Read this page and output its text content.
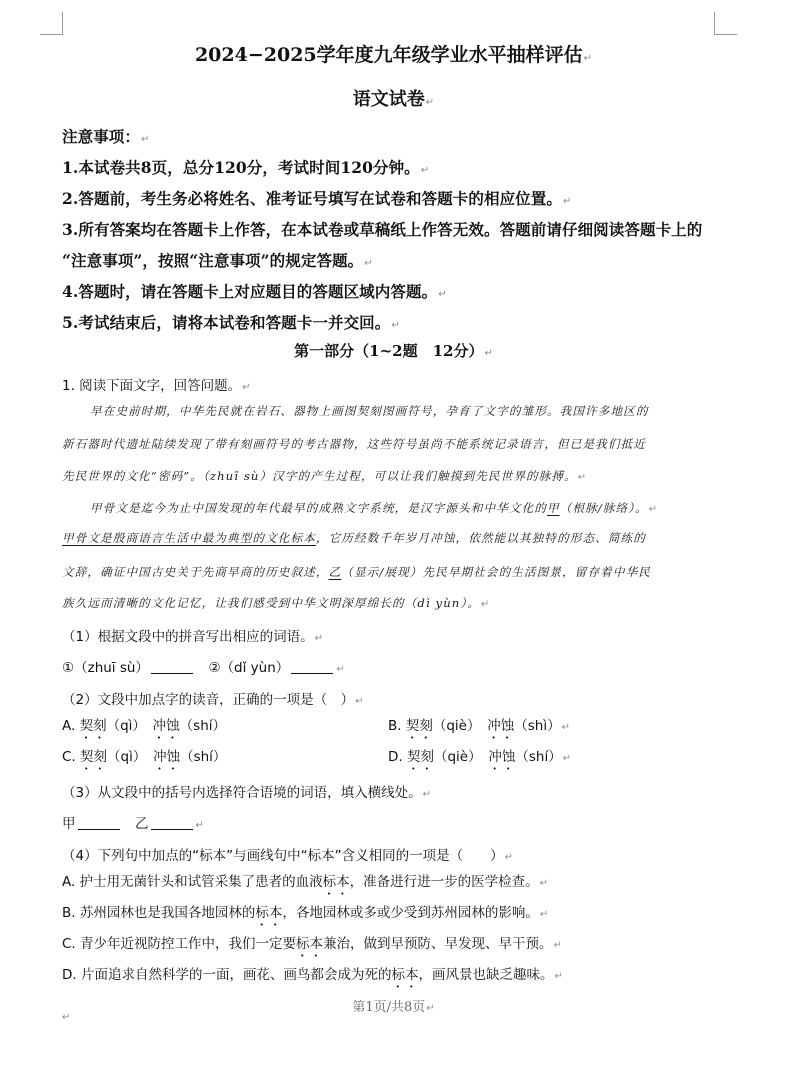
2024−2025学年度九年级学业水平抽样评估↵
语文试卷↵
注意事项：↵
1.本试卷共8页，总分120分，考试时间120分钟。↵
2.答题前，考生务必将姓名、准考证号填写在试卷和答题卡的相应位置。↵
3.所有答案均在答题卡上作答，在本试卷或草稿纸上作答无效。答题前请仔细阅读答题卡上的
“注意事项”，按照“注意事项”的规定答题。↵
4.答题时，请在答题卡上对应题目的答题区域内答题。↵
5.考试结束后，请将本试卷和答题卡一并交回。↵
第一部分（1~2题　12分）↵
1. 阅读下面文字，回答问题。↵
早在史前时期，中华先民就在岩石、器物上画图契刻图画符号，孕育了文字的雏形。我国许多地区的
新石器时代遗址陆续发现了带有刻画符号的考古器物，这些符号虽尚不能系统记录语言，但已是我们抵近
先民世界的文化“密码”。（zhuī sù）汉字的产生过程，可以让我们触摸到先民世界的脉搏。↵
甲骨文是迄今为止中国发现的年代最早的成熟文字系统，是汉字源头和中华文化的甲（根脉/脉络）。↵
甲骨文是殷商语言生活中最为典型的文化标本，它历经数千年岁月冲蚀，依然能以其独特的形态、简练的
文辞，确证中国古史关于先商早商的历史叙述，乙（显示/展现）先民早期社会的生活图景，留存着中华民
族久远而清晰的文化记忆，让我们感受到中华文明深厚绵长的（dì yùn）。↵
（1）根据文段中的拼音写出相应的词语。↵
①（zhuī sù）　	②（dǐ yùn）	↵
（2）文段中加点字的读音，正确的一项是（　）↵
A. 契刻（qì）　 冲蚀（shí）	B. 契刻（qiè）　 冲蚀（shì）↵
C. 契刻（qì）　 冲蚀（shí）	D. 契刻（qiè）　 冲蚀（shí）↵
（3）从文段中的括号内选择符合语境的词语，填入横线处。↵
甲　	乙	↵
（4）下列句中加点的“标本”与画线句中“标本”含义相同的一项是（　　）↵
A. 护士用无菌针头和试管采集了患者的血液标本，准备进行进一步的医学检查。↵
B. 苏州园林也是我国各地园林的标本，各地园林或多或少受到苏州园林的影响。↵
C. 青少年近视防控工作中，我们一定要标本兼治，做到早预防、早发现、早干预。↵
D. 片面追求自然科学的一面，画花、画鸟都会成为死的标本，画风景也缺乏趣味。↵
第1页/共8页↵
↵
